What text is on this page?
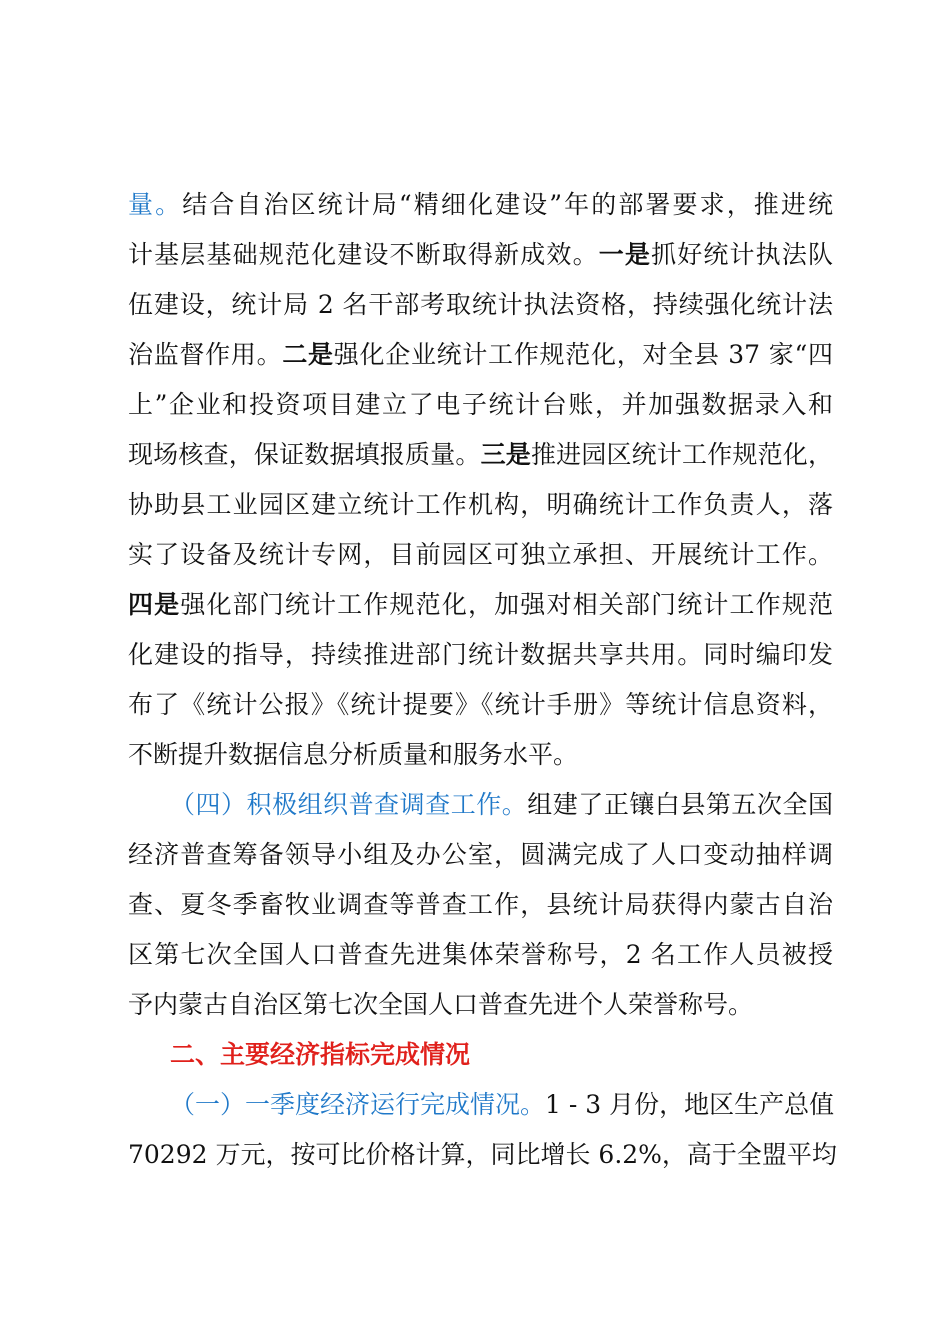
量。结合自治区统计局“精细化建设”年的部署要求，推进统
计基层基础规范化建设不断取得新成效。一是抓好统计执法队
伍建设，统计局 2 名干部考取统计执法资格，持续强化统计法
治监督作用。二是强化企业统计工作规范化，对全县 37 家“四
上”企业和投资项目建立了电子统计台账，并加强数据录入和
现场核查，保证数据填报质量。三是推进园区统计工作规范化，
协助县工业园区建立统计工作机构，明确统计工作负责人，落
实了设备及统计专网，目前园区可独立承担、开展统计工作。
四是强化部门统计工作规范化，加强对相关部门统计工作规范
化建设的指导，持续推进部门统计数据共享共用。同时编印发
布了《统计公报》《统计提要》《统计手册》等统计信息资料，
不断提升数据信息分析质量和服务水平。
（四）积极组织普查调查工作。组建了正镶白县第五次全国
经济普查筹备领导小组及办公室，圆满完成了人口变动抽样调
查、夏冬季畜牧业调查等普查工作，县统计局获得内蒙古自治
区第七次全国人口普查先进集体荣誉称号，2 名工作人员被授
予内蒙古自治区第七次全国人口普查先进个人荣誉称号。
二、主要经济指标完成情况
（一）一季度经济运行完成情况。1 - 3 月份，地区生产总值
70292 万元，按可比价格计算，同比增长 6.2%，高于全盟平均
